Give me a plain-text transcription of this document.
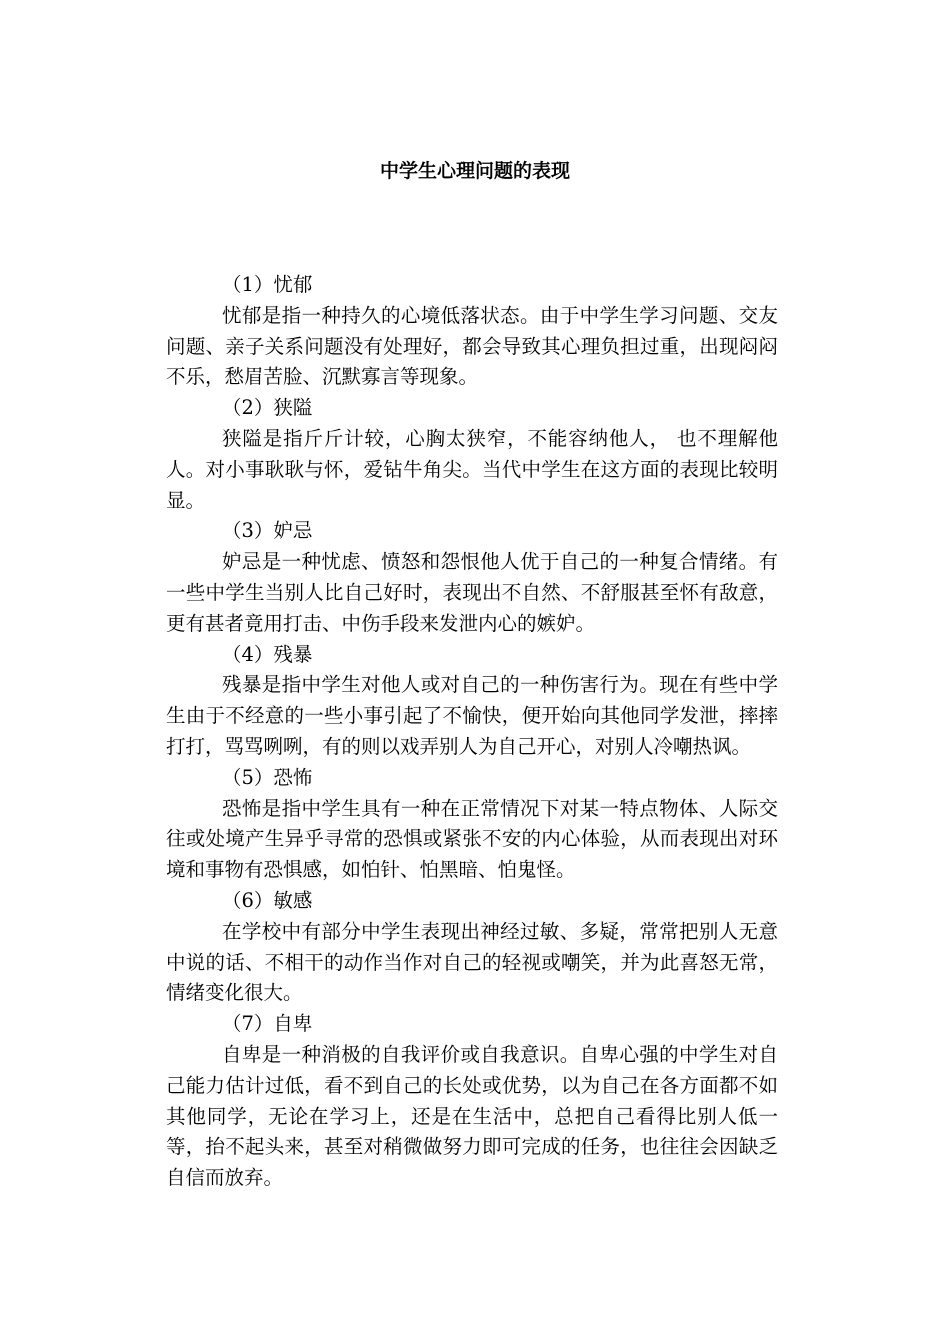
中学生心理问题的表现

（1）忧郁

忧郁是指一种持久的心境低落状态。由于中学生学习问题、交友问题、亲子关系问题没有处理好，都会导致其心理负担过重，出现闷闷不乐，愁眉苦脸、沉默寡言等现象。

（2）狭隘

狭隘是指斤斤计较，心胸太狭窄，不能容纳他人， 也不理解他人。对小事耿耿与怀，爱钻牛角尖。当代中学生在这方面的表现比较明显。

（3）妒忌

妒忌是一种忧虑、愤怒和怨恨他人优于自己的一种复合情绪。有一些中学生当别人比自己好时，表现出不自然、不舒服甚至怀有敌意，更有甚者竟用打击、中伤手段来发泄内心的嫉妒。

（4）残暴

残暴是指中学生对他人或对自己的一种伤害行为。现在有些中学生由于不经意的一些小事引起了不愉快，便开始向其他同学发泄，摔摔打打，骂骂咧咧，有的则以戏弄别人为自己开心，对别人冷嘲热讽。

（5）恐怖

恐怖是指中学生具有一种在正常情况下对某一特点物体、人际交往或处境产生异乎寻常的恐惧或紧张不安的内心体验，从而表现出对环境和事物有恐惧感，如怕针、怕黑暗、怕鬼怪。

（6）敏感

在学校中有部分中学生表现出神经过敏、多疑，常常把别人无意中说的话、不相干的动作当作对自己的轻视或嘲笑，并为此喜怒无常，情绪变化很大。

（7）自卑

自卑是一种消极的自我评价或自我意识。自卑心强的中学生对自己能力估计过低，看不到自己的长处或优势，以为自己在各方面都不如其他同学，无论在学习上，还是在生活中，总把自己看得比别人低一等，抬不起头来，甚至对稍微做努力即可完成的任务，也往往会因缺乏自信而放弃。
